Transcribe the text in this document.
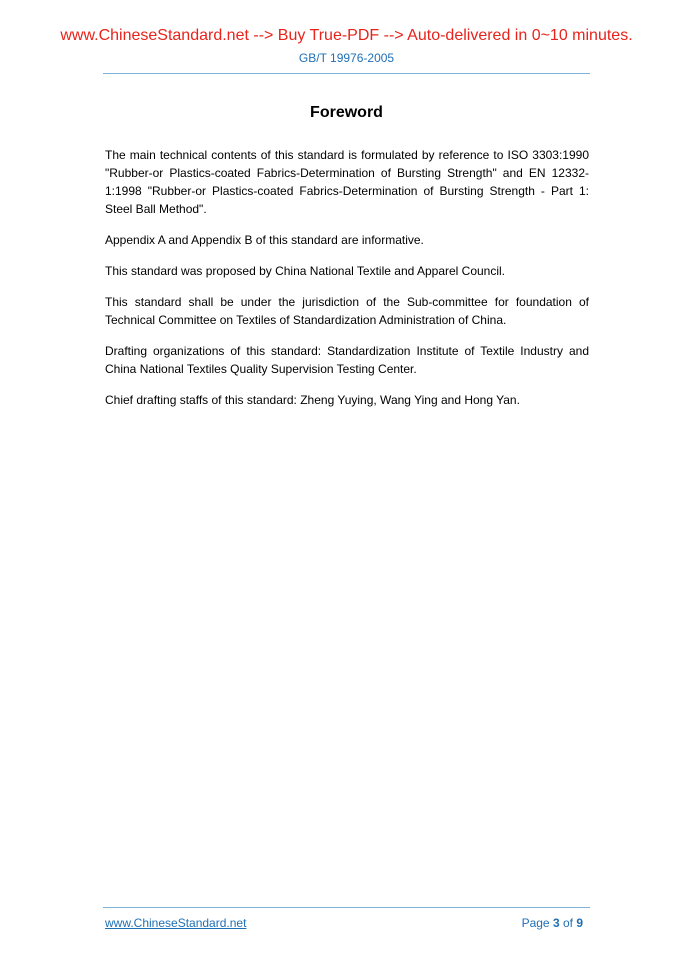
www.ChineseStandard.net --> Buy True-PDF --> Auto-delivered in 0~10 minutes.
GB/T 19976-2005
Foreword

The main technical contents of this standard is formulated by reference to ISO 3303:1990 "Rubber-or Plastics-coated Fabrics-Determination of Bursting Strength" and EN 12332-1:1998 "Rubber-or Plastics-coated Fabrics-Determination of Bursting Strength - Part 1: Steel Ball Method".

Appendix A and Appendix B of this standard are informative.

This standard was proposed by China National Textile and Apparel Council.

This standard shall be under the jurisdiction of the Sub-committee for foundation of Technical Committee on Textiles of Standardization Administration of China.

Drafting organizations of this standard: Standardization Institute of Textile Industry and China National Textiles Quality Supervision Testing Center.

Chief drafting staffs of this standard: Zheng Yuying, Wang Ying and Hong Yan.

www.ChineseStandard.net	Page 3 of 9
